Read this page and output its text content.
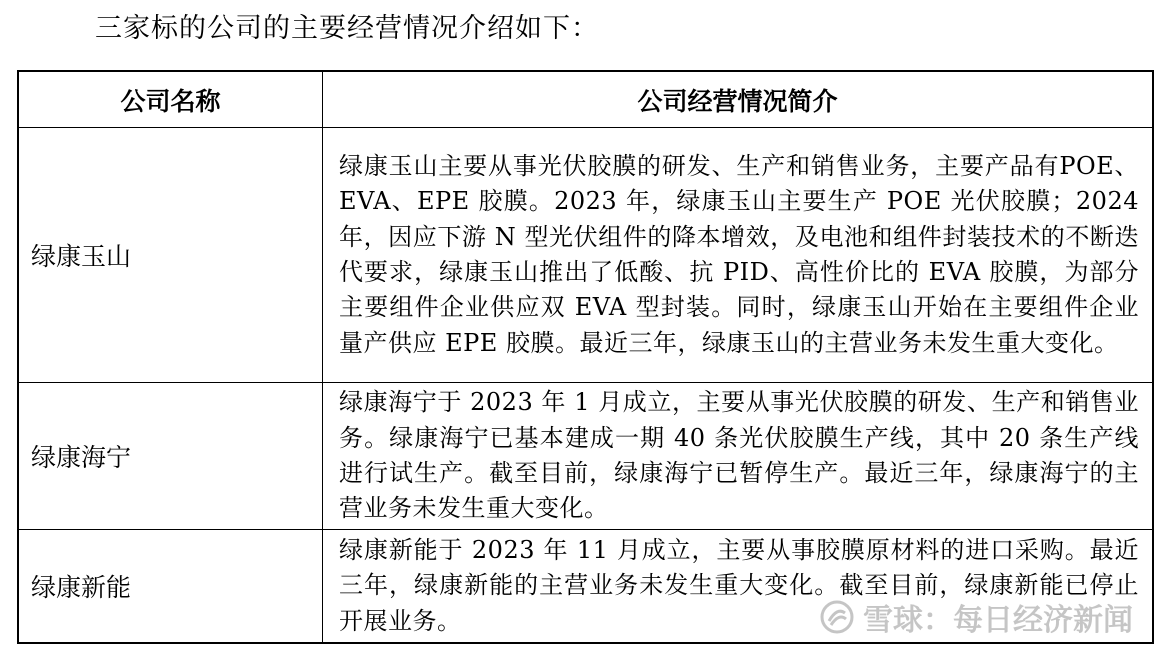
三家标的公司的主要经营情况介绍如下：
公司名称	公司经营情况简介
绿康玉山	绿康玉山主要从事光伏胶膜的研发、生产和销售业务，主要产品有POE、EVA、EPE 胶膜。2023 年，绿康玉山主要生产 POE 光伏胶膜；2024 年，因应下游 N 型光伏组件的降本增效，及电池和组件封装技术的不断迭代要求，绿康玉山推出了低酸、抗 PID、高性价比的 EVA 胶膜，为部分主要组件企业供应双 EVA 型封装。同时，绿康玉山开始在主要组件企业量产供应 EPE 胶膜。最近三年，绿康玉山的主营业务未发生重大变化。
绿康海宁	绿康海宁于 2023 年 1 月成立，主要从事光伏胶膜的研发、生产和销售业务。绿康海宁已基本建成一期 40 条光伏胶膜生产线，其中 20 条生产线进行试生产。截至目前，绿康海宁已暂停生产。最近三年，绿康海宁的主营业务未发生重大变化。
绿康新能	绿康新能于 2023 年 11 月成立，主要从事胶膜原材料的进口采购。最近三年，绿康新能的主营业务未发生重大变化。截至目前，绿康新能已停止开展业务。	雪球：每日经济新闻
